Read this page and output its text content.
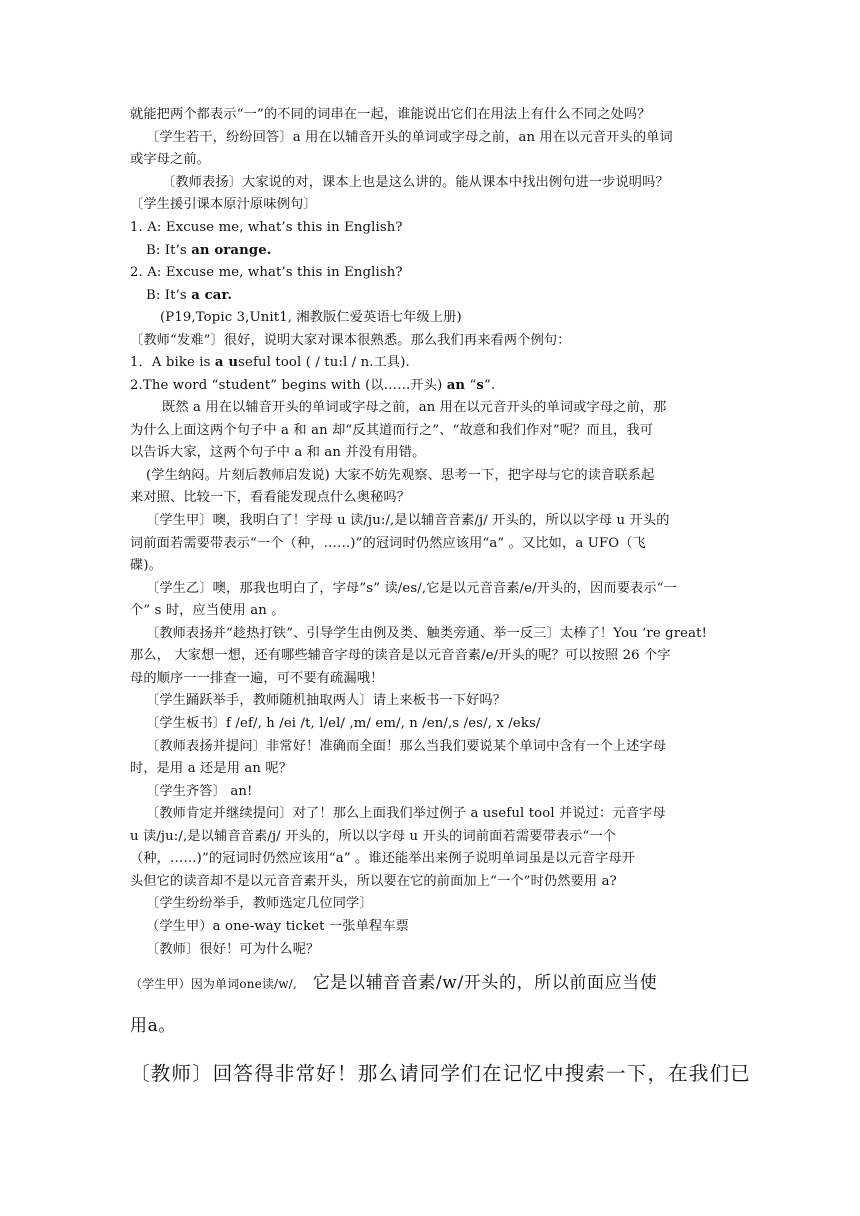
就能把两个都表示“一”的不同的词串在一起，谁能说出它们在用法上有什么不同之处吗？
〔学生若干，纷纷回答〕a 用在以辅音开头的单词或字母之前，an 用在以元音开头的单词
或字母之前。
〔教师表扬〕大家说的对，课本上也是这么讲的。能从课本中找出例句进一步说明吗？
〔学生援引课本原汁原味例句〕
1. A: Excuse me, what’s this in English?
B: It’s an orange.
2. A: Excuse me, what’s this in English?
B: It’s a car.
(P19,Topic 3,Unit1, 湘教版仁爱英语七年级上册)
〔教师“发难”〕很好，说明大家对课本很熟悉。那么我们再来看两个例句：
1．A bike is a useful tool ( / tu:l / n.工具).
2.The word “student” begins with (以……开头) an “s”.
既然 a 用在以辅音开头的单词或字母之前，an 用在以元音开头的单词或字母之前，那
为什么上面这两个句子中 a 和 an 却“反其道而行之”、“故意和我们作对”呢？而且，我可
以告诉大家，这两个句子中 a 和 an 并没有用错。
(学生纳闷。片刻后教师启发说) 大家不妨先观察、思考一下，把字母与它的读音联系起
来对照、比较一下，看看能发现点什么奥秘吗？
〔学生甲〕噢，我明白了！字母 u 读/ju:/,是以辅音音素/j/ 开头的，所以以字母 u 开头的
词前面若需要带表示“一个（种，……)”的冠词时仍然应该用“a” 。又比如，a UFO（飞
碟)。
〔学生乙〕噢，那我也明白了，字母”s” 读/es/,它是以元音音素/e/开头的，因而要表示“一
个” s 时，应当使用 an 。
〔教师表扬并“趁热打铁”、引导学生由例及类、触类旁通、举一反三〕太棒了！You ‘re great!
那么， 大家想一想，还有哪些辅音字母的读音是以元音音素/e/开头的呢？可以按照 26 个字
母的顺序一一排查一遍，可不要有疏漏哦！
〔学生踊跃举手，教师随机抽取两人〕请上来板书一下好吗？
〔学生板书〕f /ef/, h /ei /t, l/el/ ,m/ em/, n /en/,s /es/, x /eks/
〔教师表扬并提问〕非常好！准确而全面！那么当我们要说某个单词中含有一个上述字母
时，是用 a 还是用 an 呢？
〔学生齐答〕 an!
〔教师肯定并继续提问〕对了！那么上面我们举过例子 a useful tool 并说过：元音字母
u 读/ju:/,是以辅音音素/j/ 开头的，所以以字母 u 开头的词前面若需要带表示“一个
（种，……)”的冠词时仍然应该用“a” 。谁还能举出来例子说明单词虽是以元音字母开
头但它的读音却不是以元音音素开头，所以要在它的前面加上“一个”时仍然要用 a?
〔学生纷纷举手，教师选定几位同学〕
（学生甲）a one-way ticket 一张单程车票
〔教师〕很好！可为什么呢？
（学生甲）因为单词one读/w/, 它是以辅音音素/w/开头的，所以前面应当使
用a。
〔教师〕回答得非常好！那么请同学们在记忆中搜索一下，在我们已
